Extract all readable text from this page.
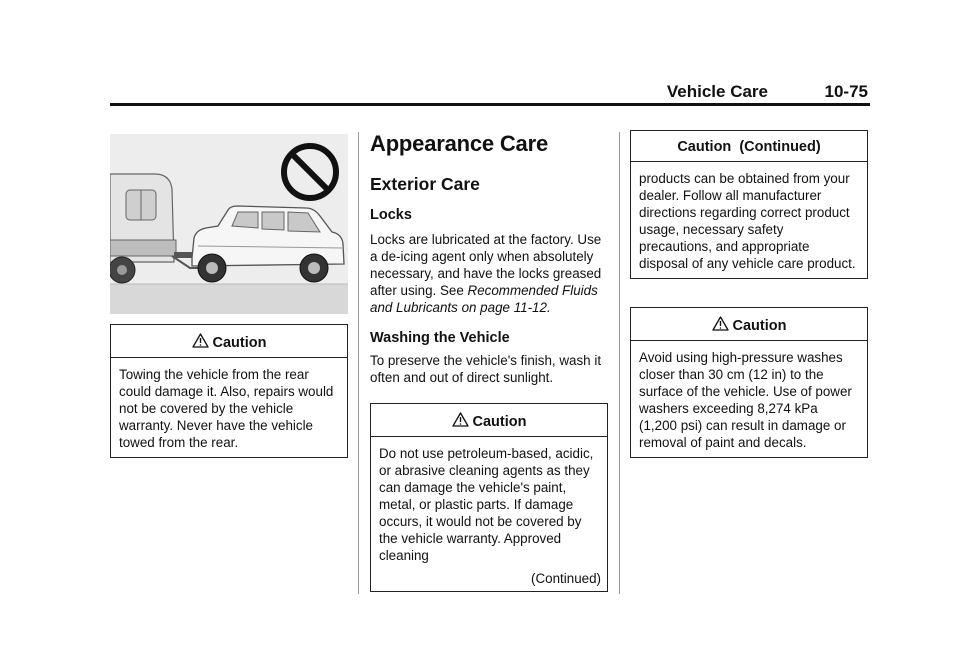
Vehicle Care	10-75
Caution
Towing the vehicle from the rear could damage it. Also, repairs would not be covered by the vehicle warranty. Never have the vehicle towed from the rear.
Appearance Care
Exterior Care
Locks

Locks are lubricated at the factory. Use a de-icing agent only when absolutely necessary, and have the locks greased after using. See Recommended Fluids and Lubricants on page 11-12.

Washing the Vehicle

To preserve the vehicle's finish, wash it often and out of direct sunlight.

Caution
Do not use petroleum-based, acidic, or abrasive cleaning agents as they can damage the vehicle's paint, metal, or plastic parts. If damage occurs, it would not be covered by the vehicle warranty. Approved cleaning
(Continued)
Caution  (Continued)
products can be obtained from your dealer. Follow all manufacturer directions regarding correct product usage, necessary safety precautions, and appropriate disposal of any vehicle care product.
Caution
Avoid using high-pressure washes closer than 30 cm (12 in) to the surface of the vehicle. Use of power washers exceeding 8,274 kPa (1,200 psi) can result in damage or removal of paint and decals.
